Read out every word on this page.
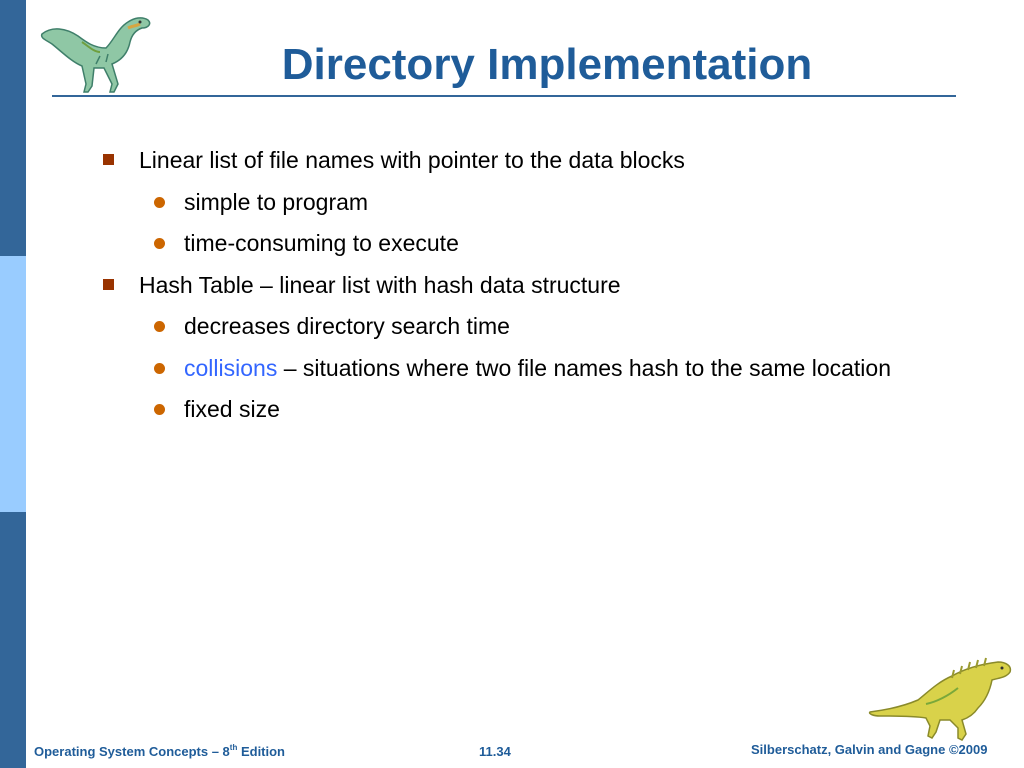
Directory Implementation
Linear list of file names with pointer to the data blocks
simple to program
time-consuming to execute
Hash Table – linear list with hash data structure
decreases directory search time
collisions – situations where two file names hash to the same location
fixed size
Operating System Concepts – 8th Edition	11.34	Silberschatz, Galvin and Gagne ©2009
